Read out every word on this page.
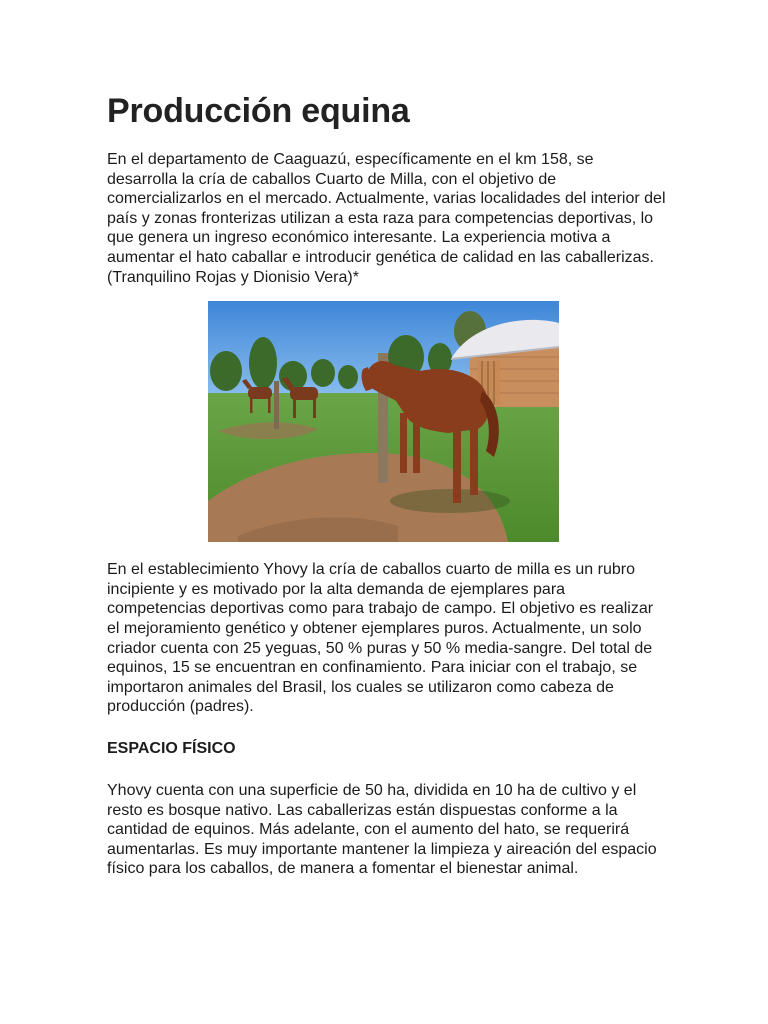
Producción equina

En el departamento de Caaguazú, específicamente en el km 158, se desarrolla la cría de caballos Cuarto de Milla, con el objetivo de comercializarlos en el mercado. Actualmente, varias localidades del interior del país y zonas fronterizas utilizan a esta raza para competencias deportivas, lo que genera un ingreso económico interesante. La experiencia motiva a aumentar el hato caballar e introducir genética de calidad en las caballerizas. (Tranquilino Rojas y Dionisio Vera)*

En el establecimiento Yhovy la cría de caballos cuarto de milla es un rubro incipiente y es motivado por la alta demanda de ejemplares para competencias deportivas como para trabajo de campo. El objetivo es realizar el mejoramiento genético y obtener ejemplares puros. Actualmente, un solo criador cuenta con 25 yeguas, 50 % puras y 50 % media-sangre. Del total de equinos, 15 se encuentran en confinamiento. Para iniciar con el trabajo, se importaron animales del Brasil, los cuales se utilizaron como cabeza de producción (padres).

ESPACIO FÍSICO

Yhovy cuenta con una superficie de 50 ha, dividida en 10 ha de cultivo y el resto es bosque nativo. Las caballerizas están dispuestas conforme a la cantidad de equinos. Más adelante, con el aumento del hato, se requerirá aumentarlas. Es muy importante mantener la limpieza y aireación del espacio físico para los caballos, de manera a fomentar el bienestar animal.
